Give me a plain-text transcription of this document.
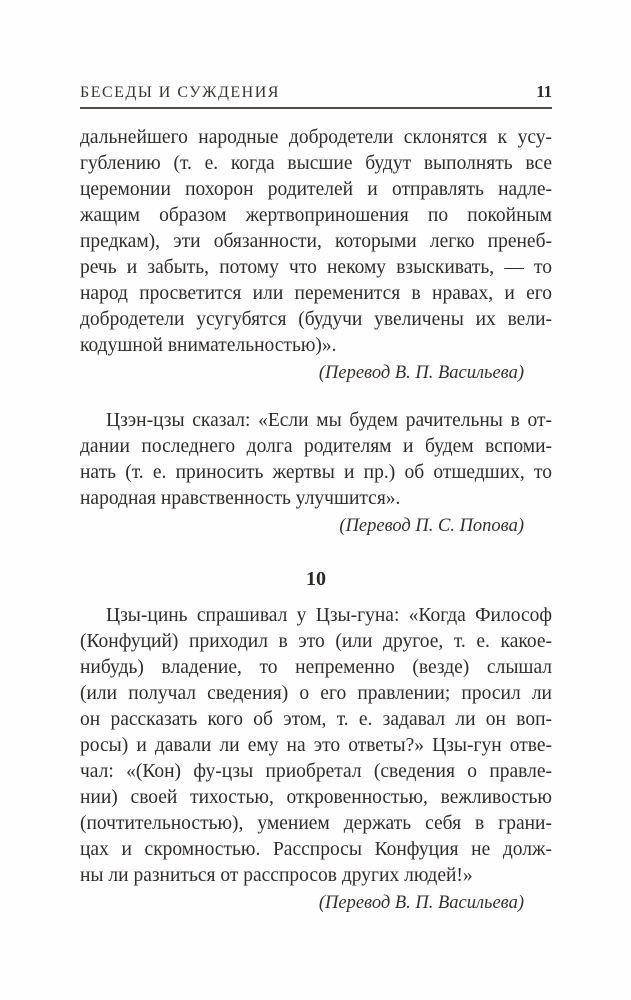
БЕСЕДЫ И СУЖДЕНИЯ	11
дальнейшего народные добродетели склонятся к усу-
гублению (т. е. когда высшие будут выполнять все
церемонии похорон родителей и отправлять надле-
жащим образом жертвоприношения по покойным
предкам), эти обязанности, которыми легко пренеб-
речь и забыть, потому что некому взыскивать, — то
народ просветится или переменится в нравах, и его
добродетели усугубятся (будучи увеличены их вели-
кодушной внимательностью)».
(Перевод В. П. Васильева)
Цзэн-цзы сказал: «Если мы будем рачительны в от-
дании последнего долга родителям и будем вспоми-
нать (т. е. приносить жертвы и пр.) об отшедших, то
народная нравственность улучшится».
(Перевод П. С. Попова)
10
Цзы-цинь спрашивал у Цзы-гуна: «Когда Философ
(Конфуций) приходил в это (или другое, т. е. какое-
нибудь) владение, то непременно (везде) слышал
(или получал сведения) о его правлении; просил ли
он рассказать кого об этом, т. е. задавал ли он воп-
росы) и давали ли ему на это ответы?» Цзы-гун отве-
чал: «(Кон) фу-цзы приобретал (сведения о правле-
нии) своей тихостью, откровенностью, вежливостью
(почтительностью), умением держать себя в грани-
цах и скромностью. Расспросы Конфуция не долж-
ны ли разниться от расспросов других людей!»
(Перевод В. П. Васильева)
